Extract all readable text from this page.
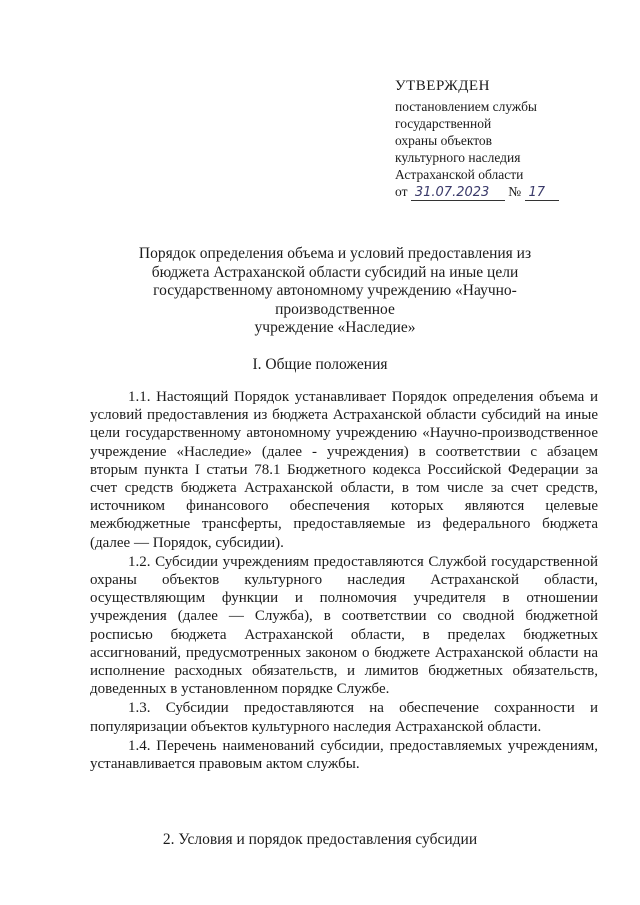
УТВЕРЖДЕН
постановлением службы
государственной
охраны объектов
культурного наследия
Астраханской области
от 31.07.2023 № 17
Порядок определения объема и условий предоставления из
бюджета Астраханской области субсидий на иные цели
государственному автономному учреждению «Научно-производственное
учреждение «Наследие»
I. Общие положения

1.1. Настоящий Порядок устанавливает Порядок определения объема и условий предоставления из бюджета Астраханской области субсидий на иные цели государственному автономному учреждению «Научно-производственное учреждение «Наследие» (далее - учреждения) в соответствии с абзацем вторым пункта I статьи 78.1 Бюджетного кодекса Российской Федерации за счет средств бюджета Астраханской области, в том числе за счет средств, источником финансового обеспечения которых являются целевые межбюджетные трансферты, предоставляемые из федерального бюджета (далее — Порядок, субсидии).

1.2. Субсидии учреждениям предоставляются Службой государственной охраны объектов культурного наследия Астраханской области, осуществляющим функции и полномочия учредителя в отношении учреждения (далее — Служба), в соответствии со сводной бюджетной росписью бюджета Астраханской области, в пределах бюджетных ассигнований, предусмотренных законом о бюджете Астраханской области на исполнение расходных обязательств, и лимитов бюджетных обязательств, доведенных в установленном порядке Службе.

1.3. Субсидии предоставляются на обеспечение сохранности и популяризации объектов культурного наследия Астраханской области.

1.4. Перечень наименований субсидии, предоставляемых учреждениям, устанавливается правовым актом службы.

2. Условия и порядок предоставления субсидии
